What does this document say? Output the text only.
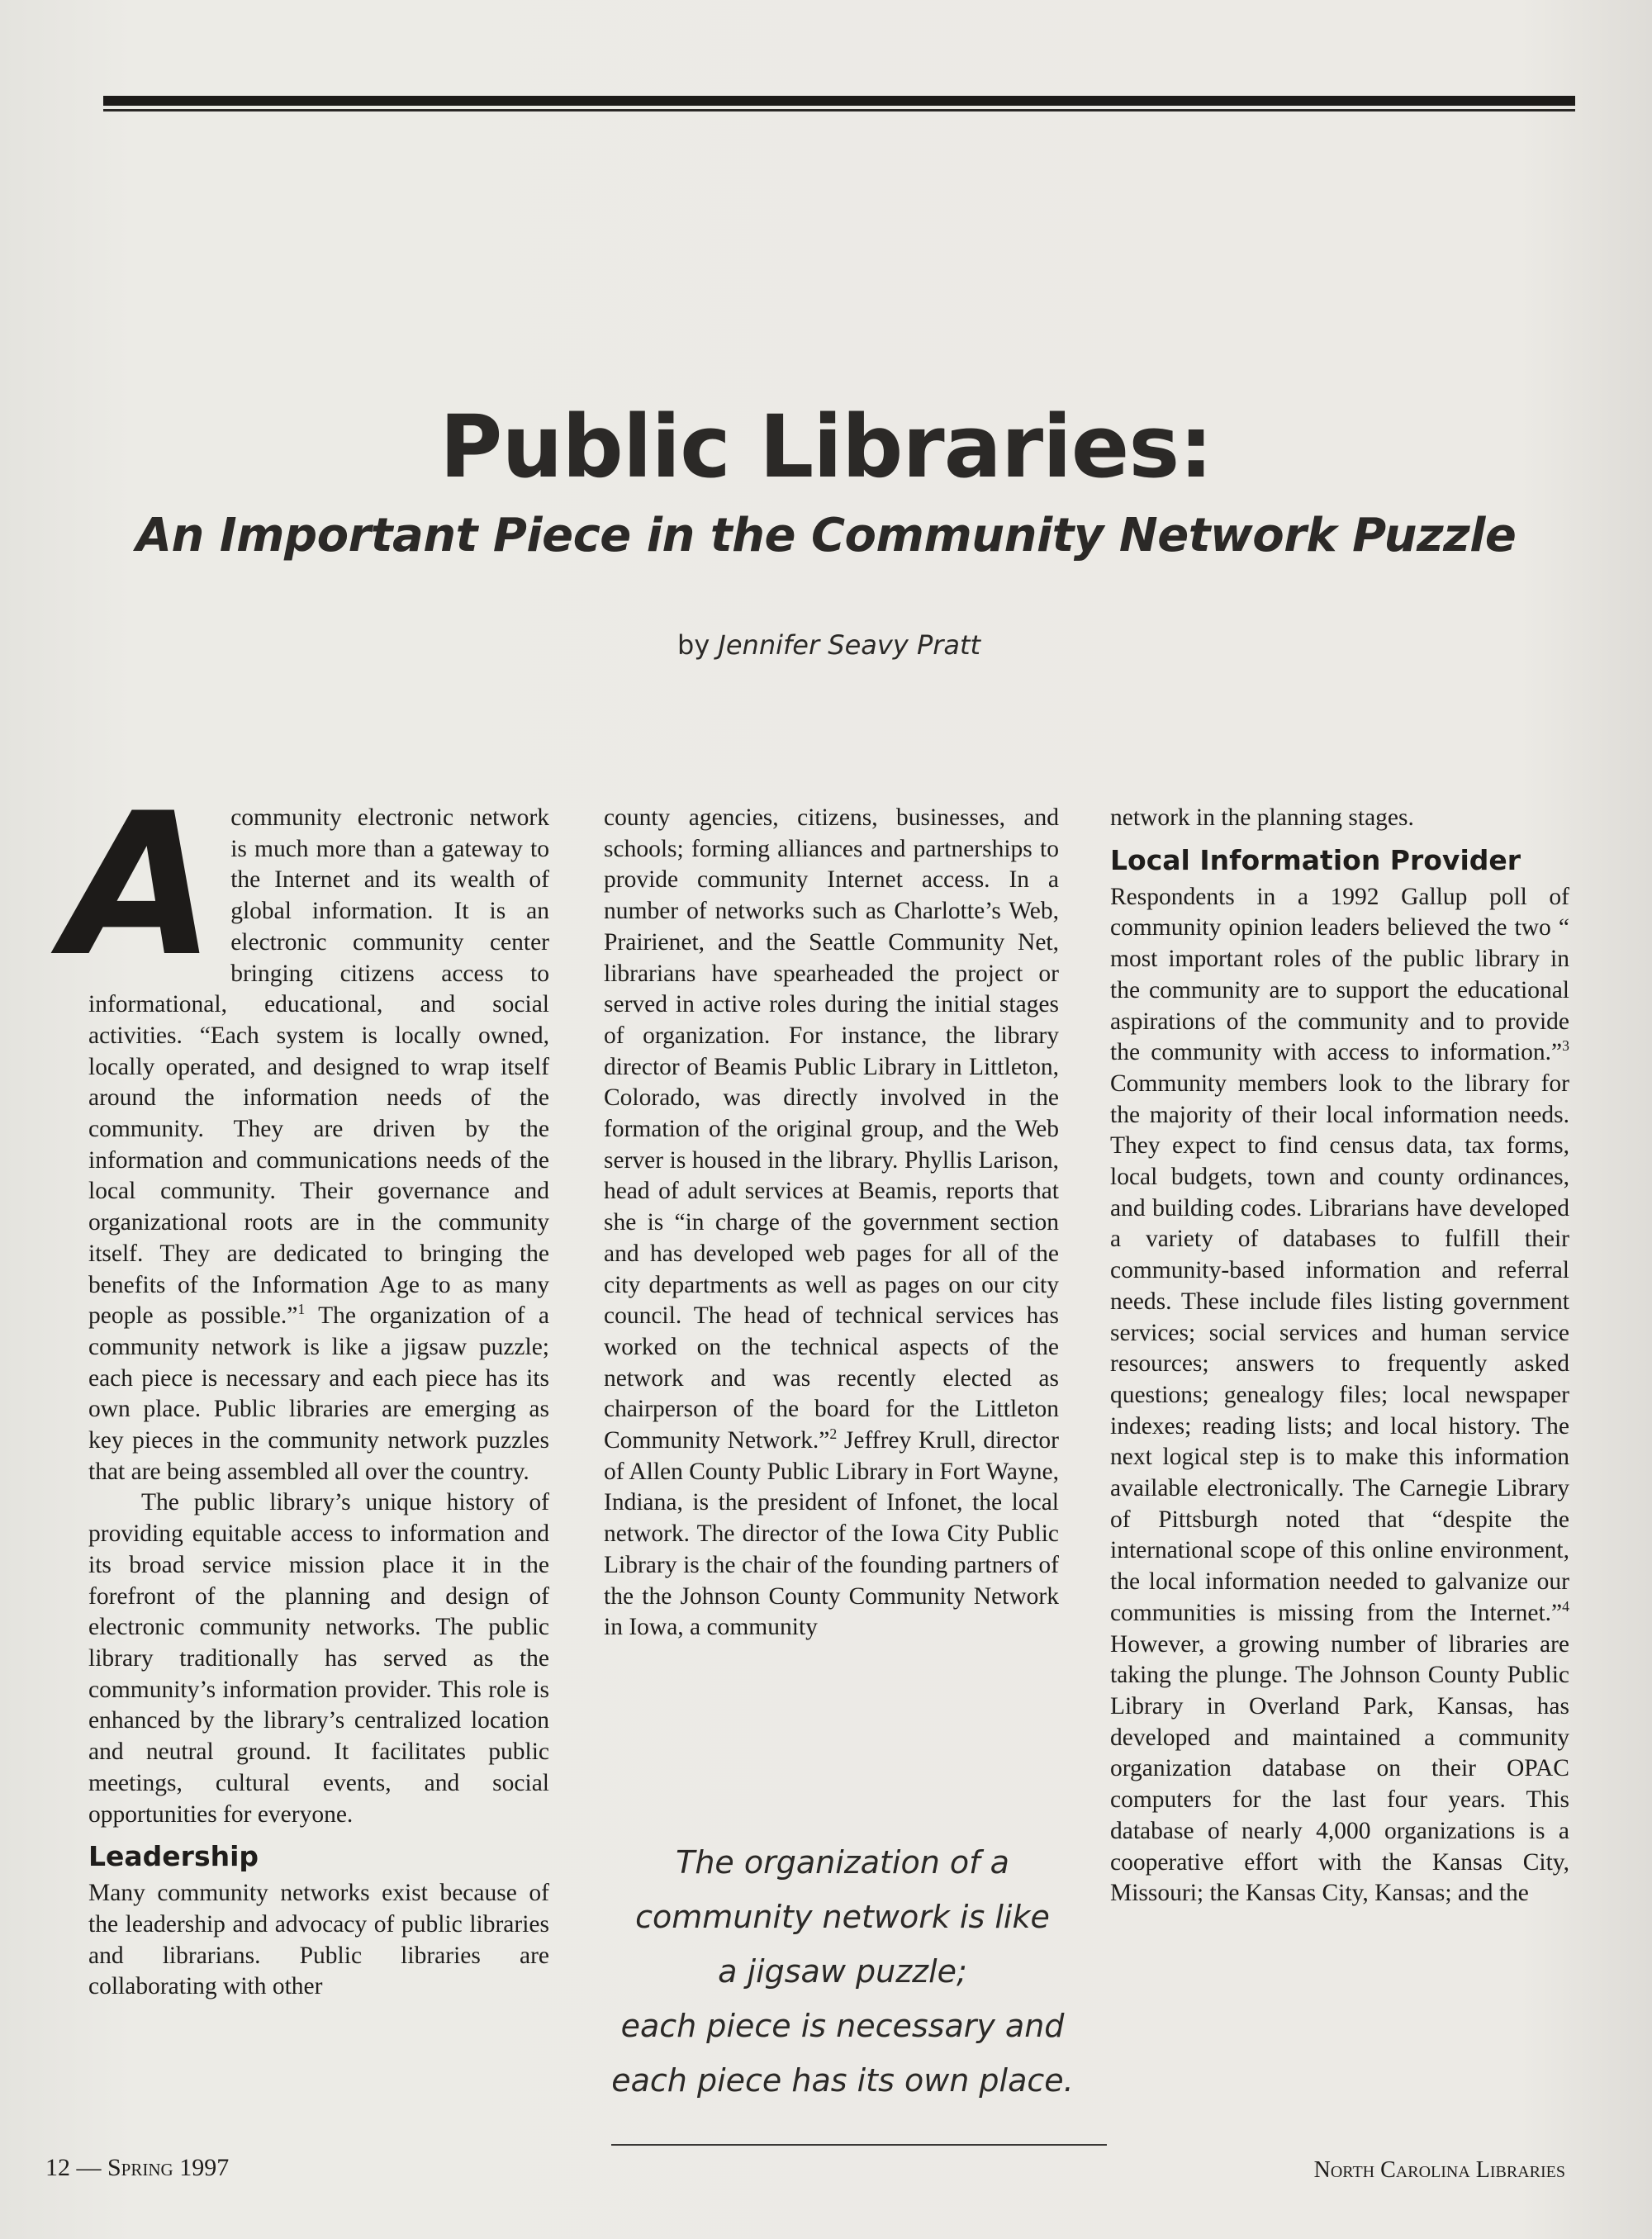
Public Libraries:
An Important Piece in the Community Network Puzzle
by Jennifer Seavy Pratt

Acommunity electronic network is much more than a gateway to the Internet and its wealth of global information. It is an electronic community center bringing citizens access to informational, educational, and social activities. “Each system is locally owned, locally operated, and designed to wrap itself around the information needs of the community. They are driven by the information and communications needs of the local community. Their governance and organizational roots are in the community itself. They are dedicated to bringing the benefits of the Information Age to as many people as possible.”$^1$ The organization of a community network is like a jigsaw puzzle; each piece is necessary and each piece has its own place. Public libraries are emerging as key pieces in the community network puzzles that are being assembled all over the country.

The public library’s unique history of providing equitable access to information and its broad service mission place it in the forefront of the planning and design of electronic community networks. The public library traditionally has served as the community’s information provider. This role is enhanced by the library’s centralized location and neutral ground. It facilitates public meetings, cultural events, and social opportunities for everyone.

Leadership

Many community networks exist because of the leadership and advocacy of public libraries and librarians. Public libraries are collaborating with other

county agencies, citizens, businesses, and schools; forming alliances and partnerships to provide community Internet access. In a number of networks such as Charlotte’s Web, Prairienet, and the Seattle Community Net, librarians have spearheaded the project or served in active roles during the initial stages of organization. For instance, the library director of Beamis Public Library in Littleton, Colorado, was directly involved in the formation of the original group, and the Web server is housed in the library. Phyllis Larison, head of adult services at Beamis, reports that she is “in charge of the government section and has developed web pages for all of the city departments as well as pages on our city council. The head of technical services has worked on the technical aspects of the network and was recently elected as chairperson of the board for the Littleton Community Network.”$^2$ Jeffrey Krull, director of Allen County Public Library in Fort Wayne, Indiana, is the president of Infonet, the local network. The director of the Iowa City Public Library is the chair of the founding partners of the the Johnson County Community Network in Iowa, a community

network in the planning stages.

Local Information Provider

Respondents in a 1992 Gallup poll of community opinion leaders believed the two “ most important roles of the public library in the community are to support the educational aspirations of the community and to provide the community with access to information.”$^3$ Community members look to the library for the majority of their local information needs. They expect to find census data, tax forms, local budgets, town and county ordinances, and building codes. Librarians have developed a variety of databases to fulfill their community-based information and referral needs. These include files listing government services; social services and human service resources; answers to frequently asked questions; genealogy files; local newspaper indexes; reading lists; and local history. The next logical step is to make this information available electronically. The Carnegie Library of Pittsburgh noted that “despite the international scope of this online environment, the local information needed to galvanize our communities is missing from the Internet.”$^4$ However, a growing number of libraries are taking the plunge. The Johnson County Public Library in Overland Park, Kansas, has developed and maintained a community organization database on their OPAC computers for the last four years. This database of nearly 4,000 organizations is a cooperative effort with the Kansas City, Missouri; the Kansas City, Kansas; and the

The organization of a
community network is like
a jigsaw puzzle;
each piece is necessary and
each piece has its own place.
12 — Spring 1997	North Carolina Libraries
